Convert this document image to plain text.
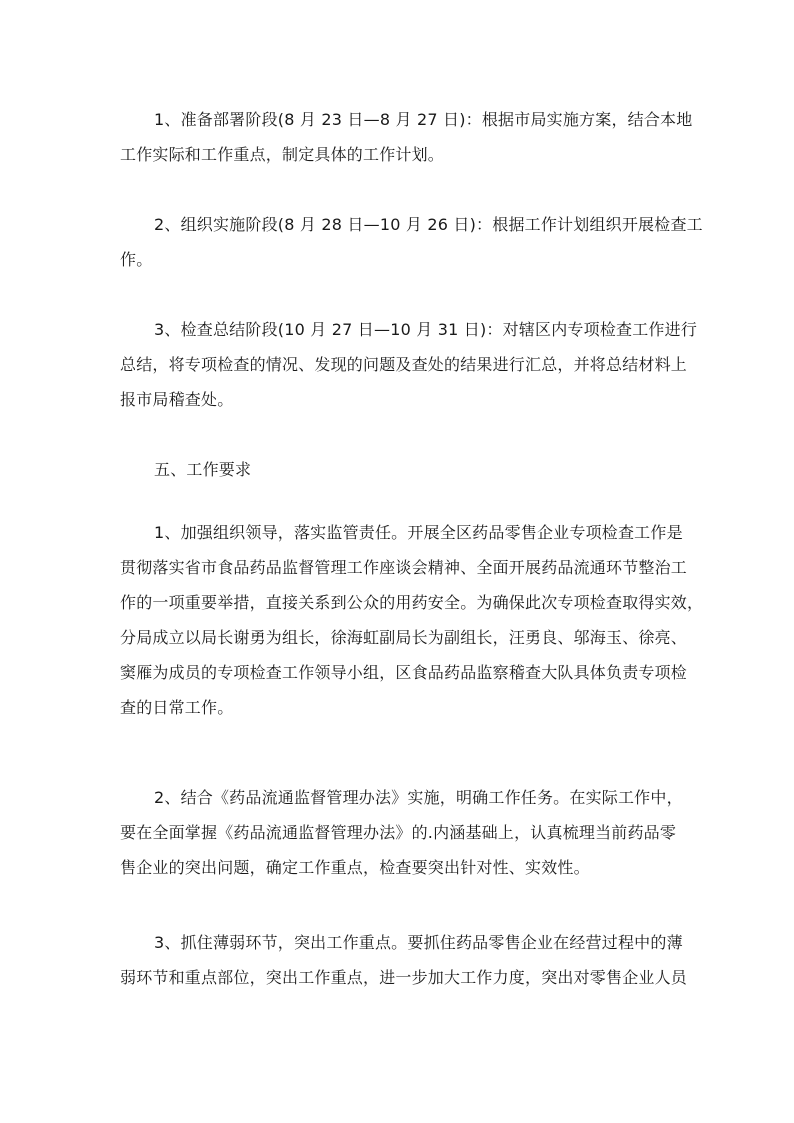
1、准备部署阶段(8 月 23 日—8 月 27 日)：根据市局实施方案，结合本地
工作实际和工作重点，制定具体的工作计划。
2、组织实施阶段(8 月 28 日—10 月 26 日)：根据工作计划组织开展检查工
作。
3、检查总结阶段(10 月 27 日—10 月 31 日)：对辖区内专项检查工作进行
总结，将专项检查的情况、发现的问题及查处的结果进行汇总，并将总结材料上
报市局稽查处。
五、工作要求
1、加强组织领导，落实监管责任。开展全区药品零售企业专项检查工作是
贯彻落实省市食品药品监督管理工作座谈会精神、全面开展药品流通环节整治工
作的一项重要举措，直接关系到公众的用药安全。为确保此次专项检查取得实效，
分局成立以局长谢勇为组长，徐海虹副局长为副组长，汪勇良、邬海玉、徐亮、
窦雁为成员的专项检查工作领导小组，区食品药品监察稽查大队具体负责专项检
查的日常工作。
2、结合《药品流通监督管理办法》实施，明确工作任务。在实际工作中，
要在全面掌握《药品流通监督管理办法》的.内涵基础上，认真梳理当前药品零
售企业的突出问题，确定工作重点，检查要突出针对性、实效性。
3、抓住薄弱环节，突出工作重点。要抓住药品零售企业在经营过程中的薄
弱环节和重点部位，突出工作重点，进一步加大工作力度，突出对零售企业人员
